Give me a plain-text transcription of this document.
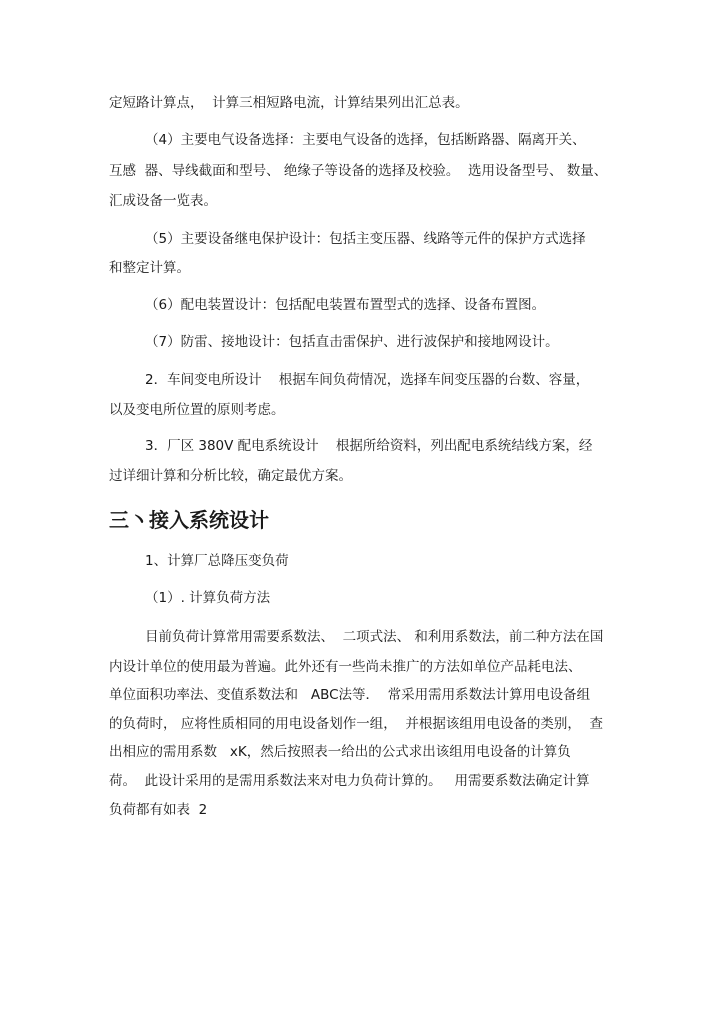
定短路计算点，  计算三相短路电流，计算结果列出汇总表。
（4）主要电气设备选择：主要电气设备的选择，包括断路器、隔离开关、
互感  器、导线截面和型号、 绝缘子等设备的选择及校验。  选用设备型号、 数量、
汇成设备一览表。
（5）主要设备继电保护设计：包括主变压器、线路等元件的保护方式选择
和整定计算。
（6）配电装置设计：包括配电装置布置型式的选择、设备布置图。
（7）防雷、接地设计：包括直击雷保护、进行波保护和接地网设计。
2．车间变电所设计    根据车间负荷情况，选择车间变压器的台数、容量，
以及变电所位置的原则考虑。
3．厂区 380V 配电系统设计    根据所给资料，列出配电系统结线方案，经
过详细计算和分析比较，确定最优方案。
三丶接入系统设计
1、计算厂总降压变负荷
（1）. 计算负荷方法
目前负荷计算常用需要系数法、  二项式法、 和利用系数法，前二种方法在国
内设计单位的使用最为普遍。此外还有一些尚未推广的方法如单位产品耗电法、
单位面积功率法、变值系数法和   ABC法等．  常采用需用系数法计算用电设备组
的负荷时， 应将性质相同的用电设备划作一组，  并根据该组用电设备的类别，  查
出相应的需用系数   xK，然后按照表一给出的公式求出该组用电设备的计算负
荷。  此设计采用的是需用系数法来对电力负荷计算的。   用需要系数法确定计算
负荷都有如表  2
